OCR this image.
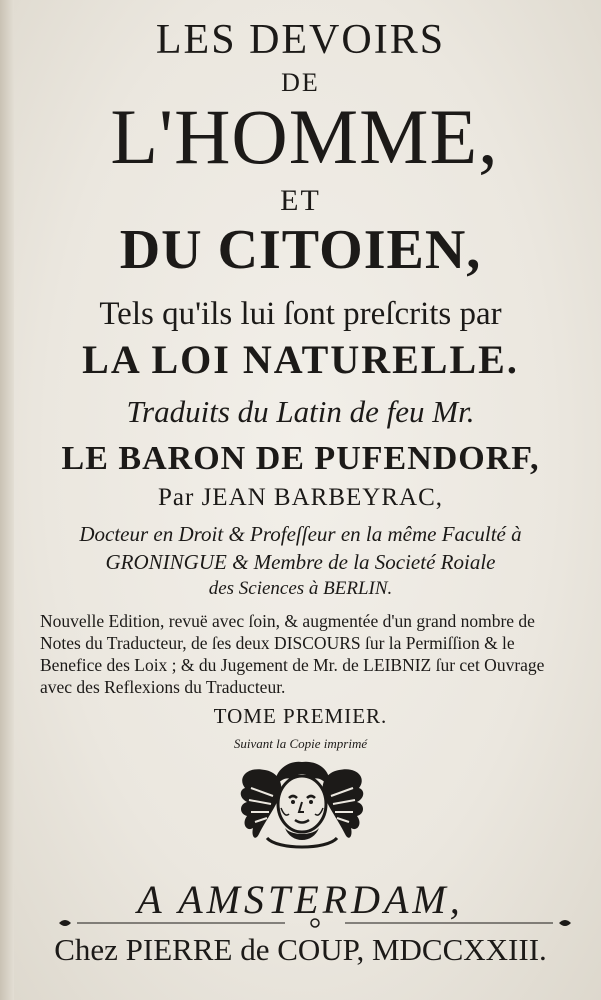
LES DEVOIRS
DE
L'HOMME,
ET
DU CITOIEN,
Tels qu'ils lui ſont preſcrits par
LA LOI NATURELLE.
Traduits du Latin de feu Mr.
LE BARON DE PUFENDORF,
Par JEAN BARBEYRAC,
Docteur en Droit & Profeſſeur en la même Faculté à
GRONINGUE & Membre de la Societé Roiale
des Sciences à BERLIN.
Nouvelle Edition, revuë avec ſoin, & augmentée d'un grand nombre de Notes du Traducteur, de ſes deux DISCOURS ſur la Permiſſion & le Benefice des Loix ; & du Jugement de Mr. de LEIBNIZ ſur cet Ouvrage avec des Reflexions du Traducteur.
TOME PREMIER.
Suivant la Copie imprimé
A AMSTERDAM,
Chez PIERRE de COUP, MDCCXXIII.
